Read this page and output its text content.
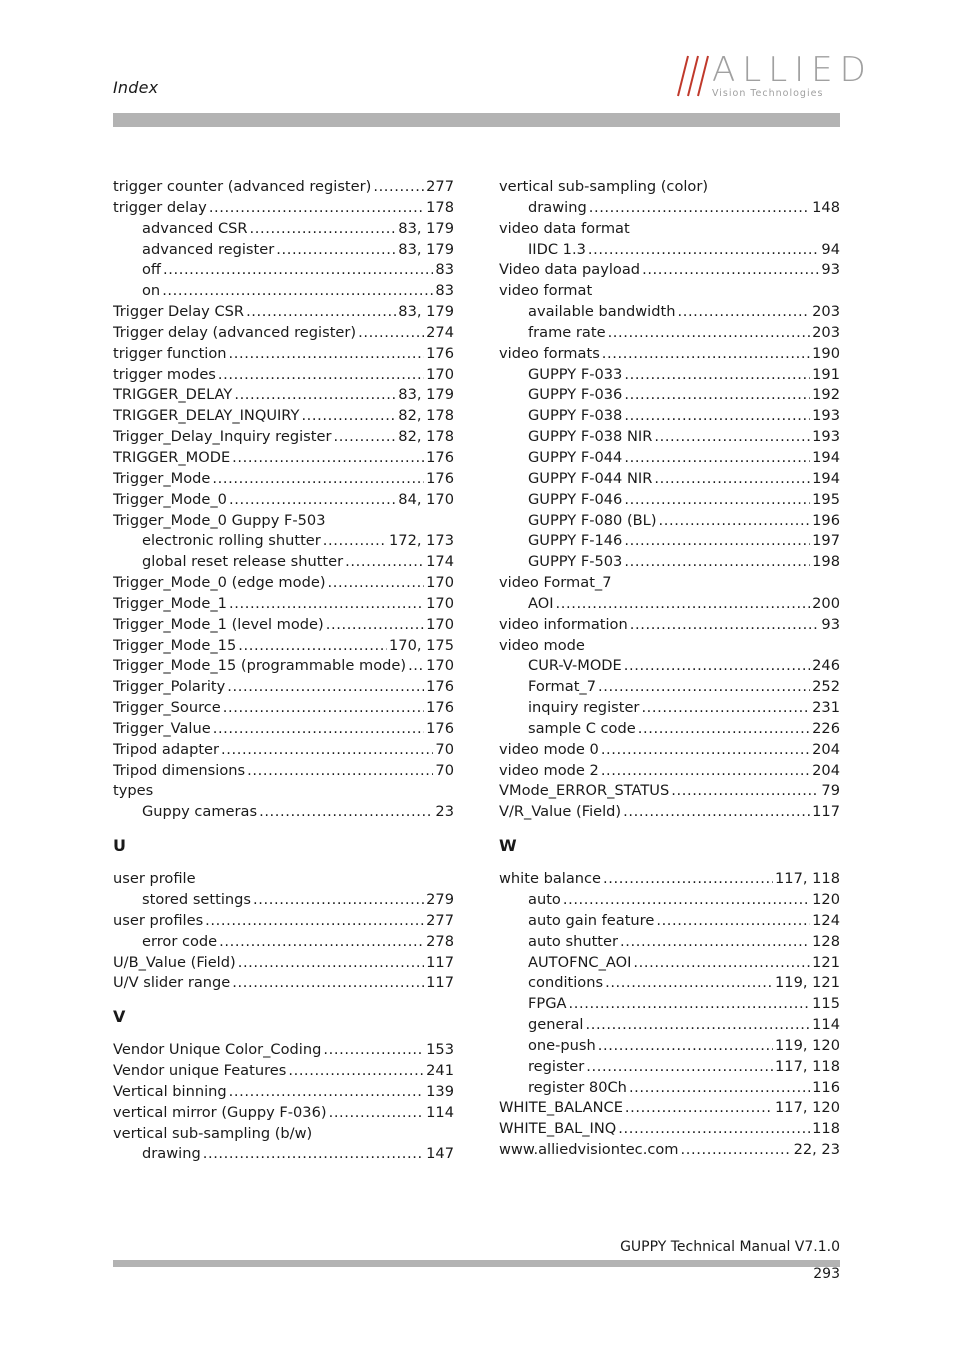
Index	ALLIED
Vision Technologies
trigger counter (advanced register) .....	277
trigger delay .....	178
advanced CSR .....	83, 179
advanced register .....	83, 179
off .....	83
on .....	83
Trigger Delay CSR .....	83, 179
Trigger delay (advanced register) .....	274
trigger function .....	176
trigger modes .....	170
TRIGGER_DELAY .....	83, 179
TRIGGER_DELAY_INQUIRY .....	82, 178
Trigger_Delay_Inquiry register .....	82, 178
TRIGGER_MODE .....	176
Trigger_Mode .....	176
Trigger_Mode_0 .....	84, 170
Trigger_Mode_0 Guppy F-503
electronic rolling shutter .....	172, 173
global reset release shutter .....	174
Trigger_Mode_0 (edge mode) .....	170
Trigger_Mode_1 .....	170
Trigger_Mode_1 (level mode) .....	170
Trigger_Mode_15 .....	170, 175
Trigger_Mode_15 (programmable mode) ..... 170
Trigger_Polarity .....	176
Trigger_Source .....	176
Trigger_Value .....	176
Tripod adapter .....	70
Tripod dimensions .....	70
types
Guppy cameras .....	23
U
user profile
stored settings .....	279
user profiles .....	277
error code .....	278
U/B_Value (Field) .....	117
U/V slider range .....	117
V
Vendor Unique Color_Coding .....	153
Vendor unique Features .....	241
Vertical binning .....	139
vertical mirror (Guppy F-036) .....	114
vertical sub-sampling (b/w)
drawing .....	147
vertical sub-sampling (color)
drawing .....	148
video data format
IIDC 1.3 .....	94
Video data payload .....	93
video format
available bandwidth .....	203
frame rate .....	203
video formats .....	190
GUPPY F-033 .....	191
GUPPY F-036 .....	192
GUPPY F-038 .....	193
GUPPY F-038 NIR .....	193
GUPPY F-044 .....	194
GUPPY F-044 NIR .....	194
GUPPY F-046 .....	195
GUPPY F-080 (BL) .....	196
GUPPY F-146 .....	197
GUPPY F-503 .....	198
video Format_7
AOI .....	200
video information .....	93
video mode
CUR-V-MODE .....	246
Format_7 .....	252
inquiry register .....	231
sample C code .....	226
video mode 0 .....	204
video mode 2 .....	204
VMode_ERROR_STATUS .....	79
V/R_Value (Field) .....	117
W
white balance .....	117, 118
auto .....	120
auto gain feature .....	124
auto shutter .....	128
AUTOFNC_AOI .....	121
conditions .....	119, 121
FPGA .....	115
general .....	114
one-push .....	119, 120
register .....	117, 118
register 80Ch .....	116
WHITE_BALANCE .....	117, 120
WHITE_BAL_INQ .....	118
www.alliedvisiontec.com .....	22, 23
GUPPY Technical Manual V7.1.0
293
